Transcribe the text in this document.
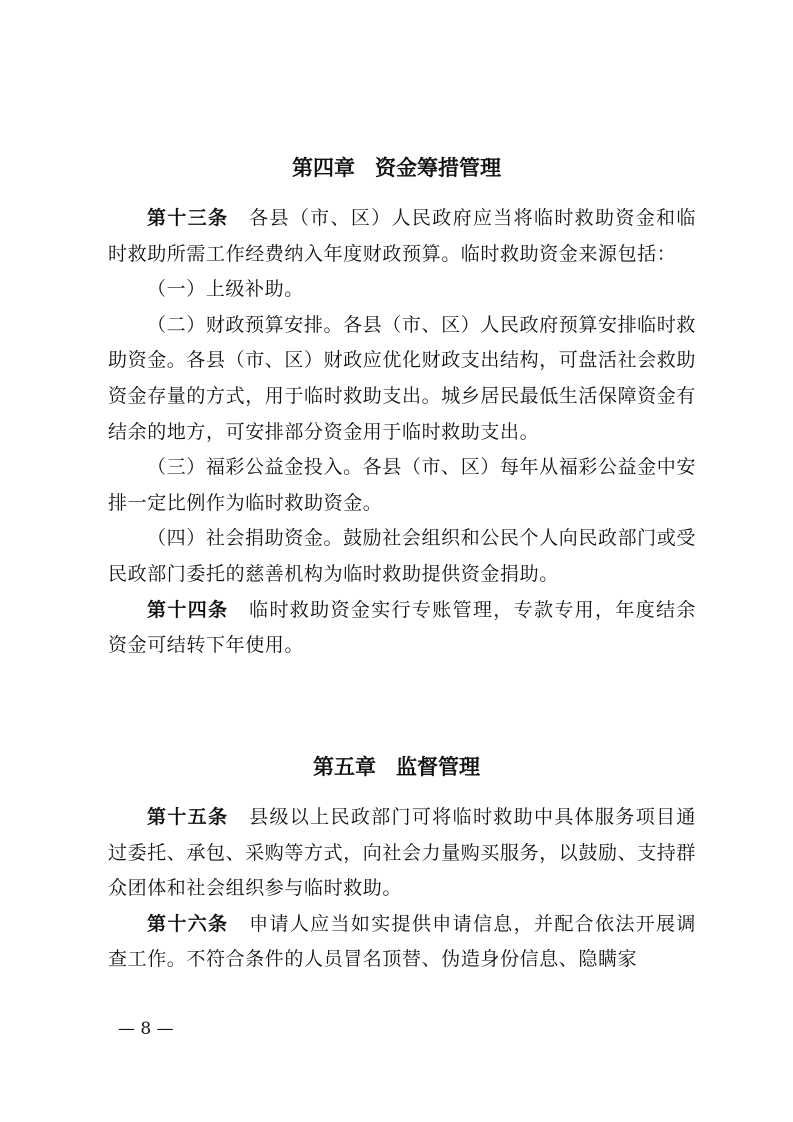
第四章 资金筹措管理

第十三条 各县（市、区）人民政府应当将临时救助资金和临时救助所需工作经费纳入年度财政预算。临时救助资金来源包括：

（一）上级补助。

（二）财政预算安排。各县（市、区）人民政府预算安排临时救助资金。各县（市、区）财政应优化财政支出结构，可盘活社会救助资金存量的方式，用于临时救助支出。城乡居民最低生活保障资金有结余的地方，可安排部分资金用于临时救助支出。

（三）福彩公益金投入。各县（市、区）每年从福彩公益金中安排一定比例作为临时救助资金。

（四）社会捐助资金。鼓励社会组织和公民个人向民政部门或受民政部门委托的慈善机构为临时救助提供资金捐助。

第十四条 临时救助资金实行专账管理，专款专用，年度结余资金可结转下年使用。

第五章 监督管理

第十五条 县级以上民政部门可将临时救助中具体服务项目通过委托、承包、采购等方式，向社会力量购买服务，以鼓励、支持群众团体和社会组织参与临时救助。

第十六条 申请人应当如实提供申请信息，并配合依法开展调查工作。不符合条件的人员冒名顶替、伪造身份信息、隐瞒家

— 8 —
